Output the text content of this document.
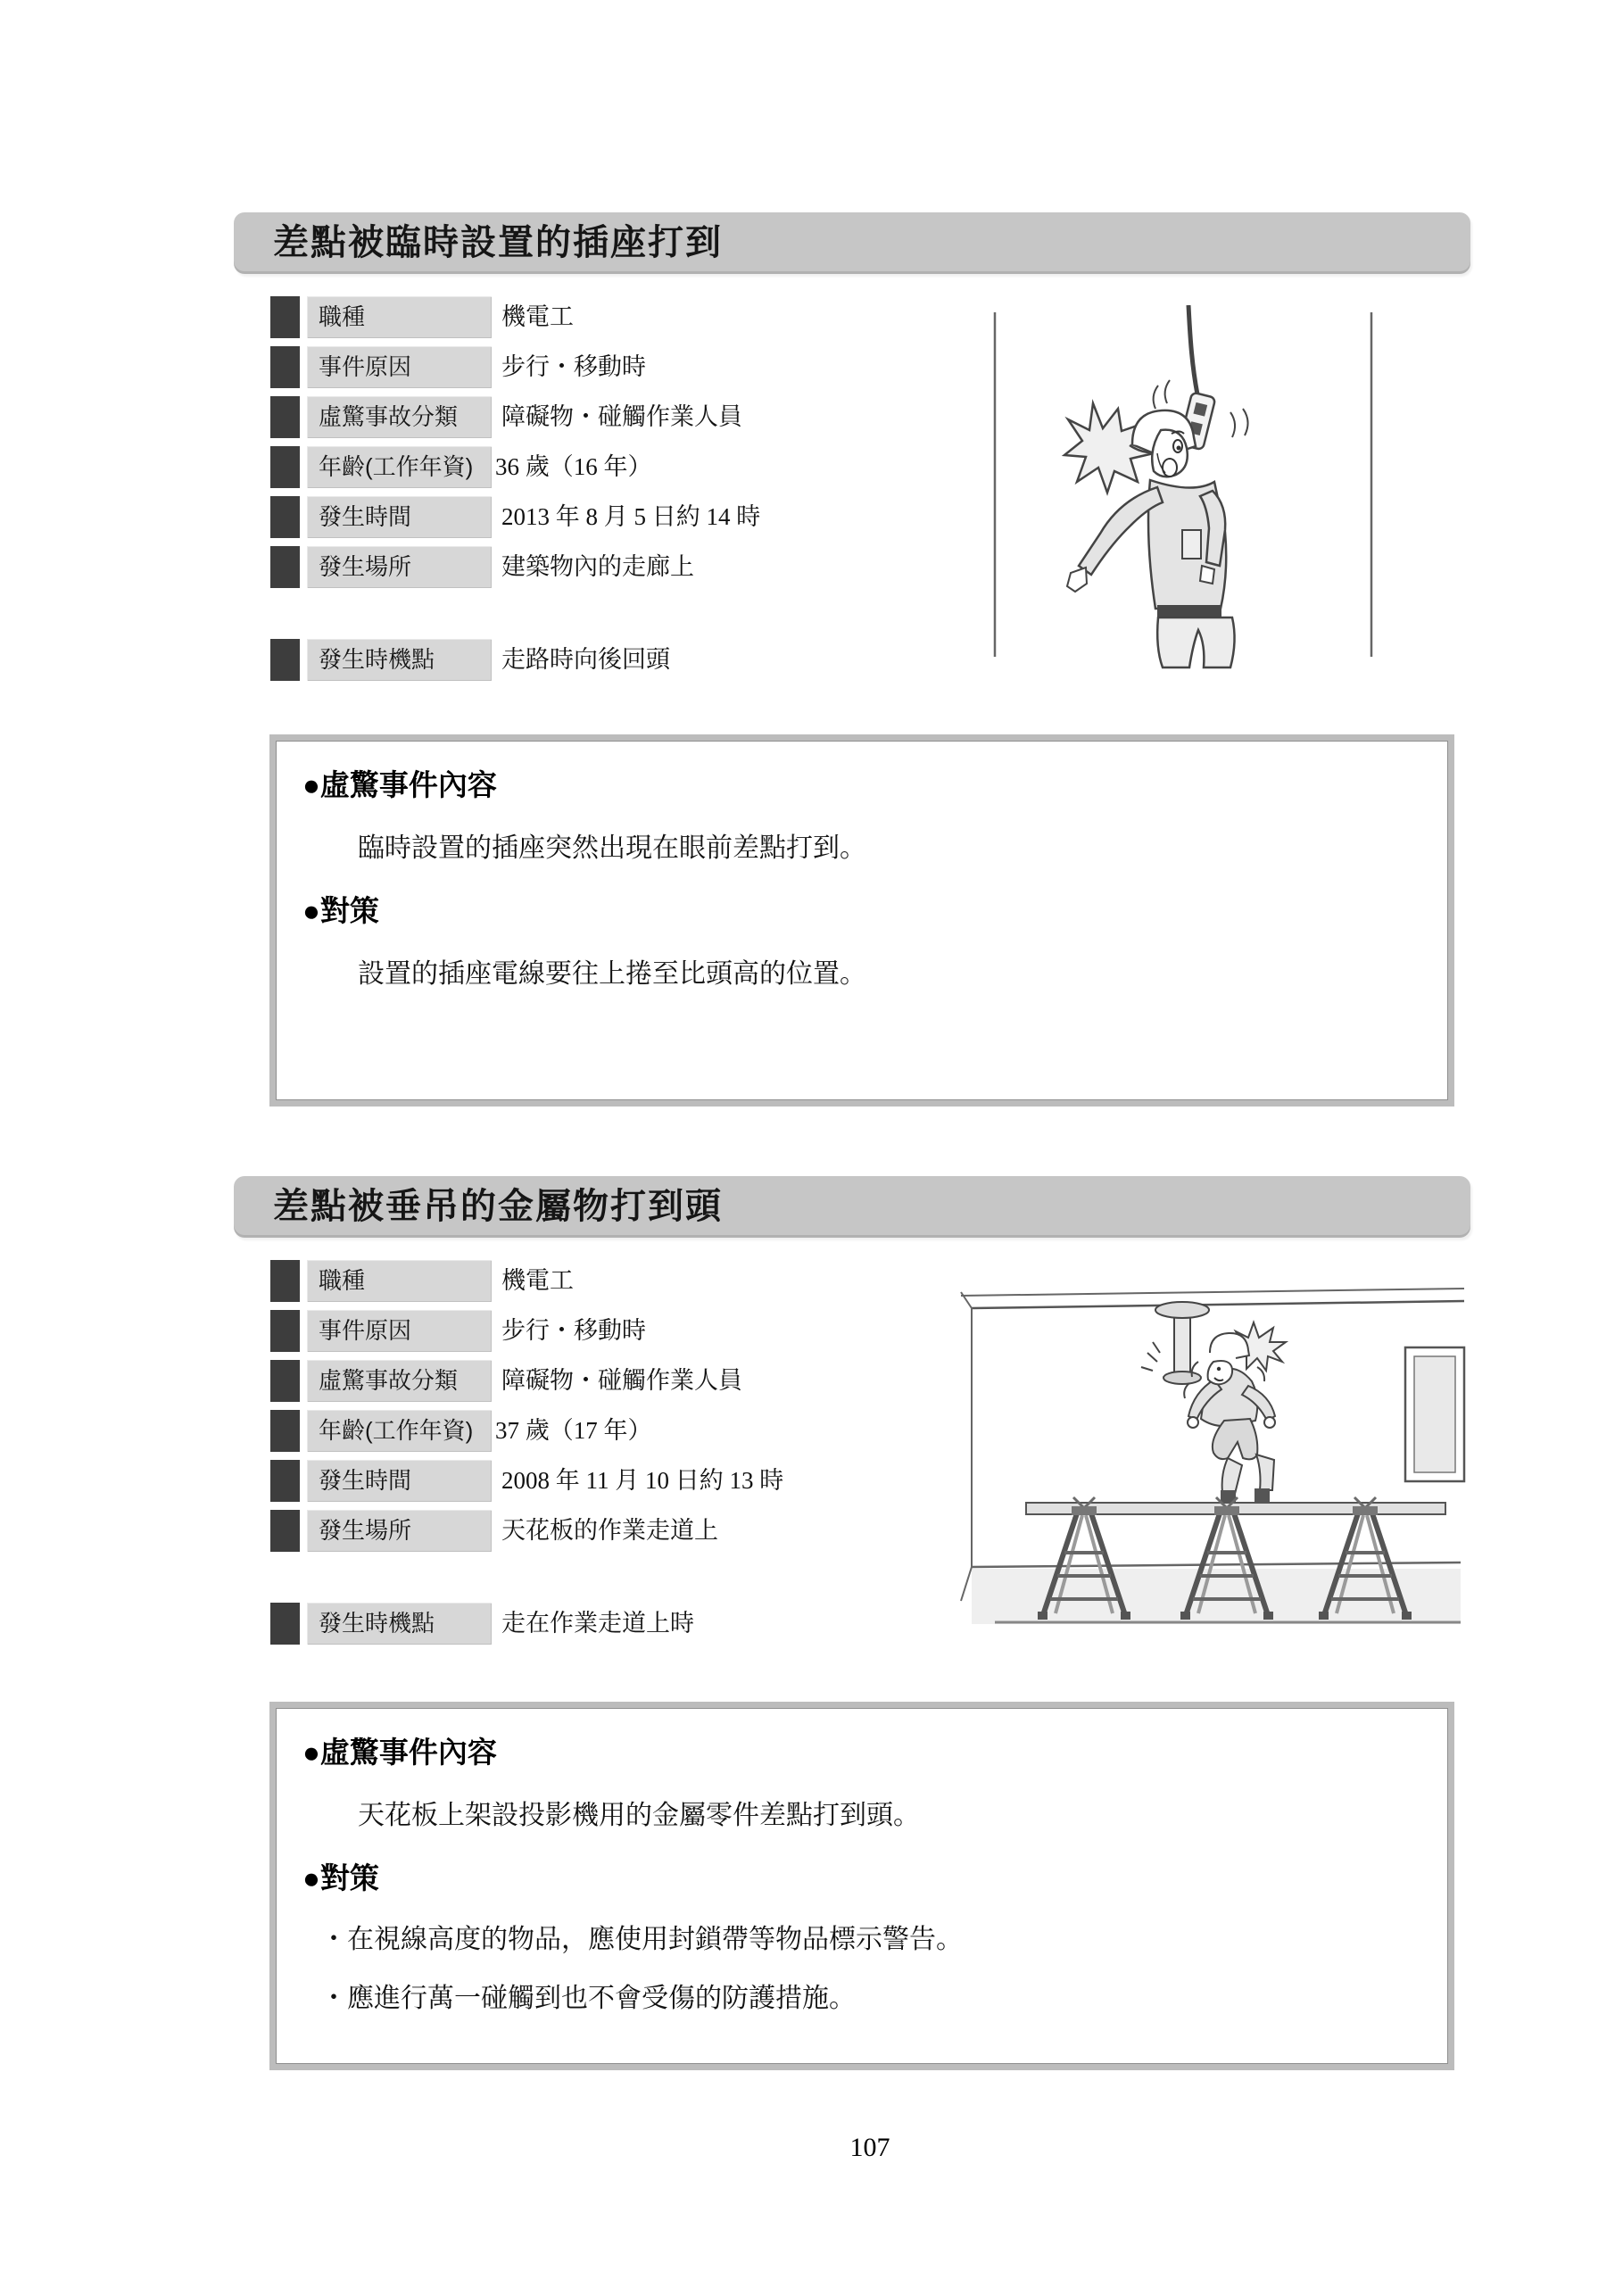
差點被臨時設置的插座打到
職種	機電工
事件原因	步行・移動時
虛驚事故分類	障礙物・碰觸作業人員
年齡(工作年資) 36 歲（16 年）
發生時間	2013 年 8 月 5 日約 14 時
發生場所	建築物內的走廊上
發生時機點	走路時向後回頭
●虛驚事件內容
臨時設置的插座突然出現在眼前差點打到。
●對策
設置的插座電線要往上捲至比頭高的位置。
差點被垂吊的金屬物打到頭
職種	機電工
事件原因	步行・移動時
虛驚事故分類	障礙物・碰觸作業人員
年齡(工作年資) 37 歲（17 年）
發生時間	2008 年 11 月 10 日約 13 時
發生場所	天花板的作業走道上
發生時機點	走在作業走道上時
●虛驚事件內容
天花板上架設投影機用的金屬零件差點打到頭。
●對策
・在視線高度的物品，應使用封鎖帶等物品標示警告。
・應進行萬一碰觸到也不會受傷的防護措施。
107
